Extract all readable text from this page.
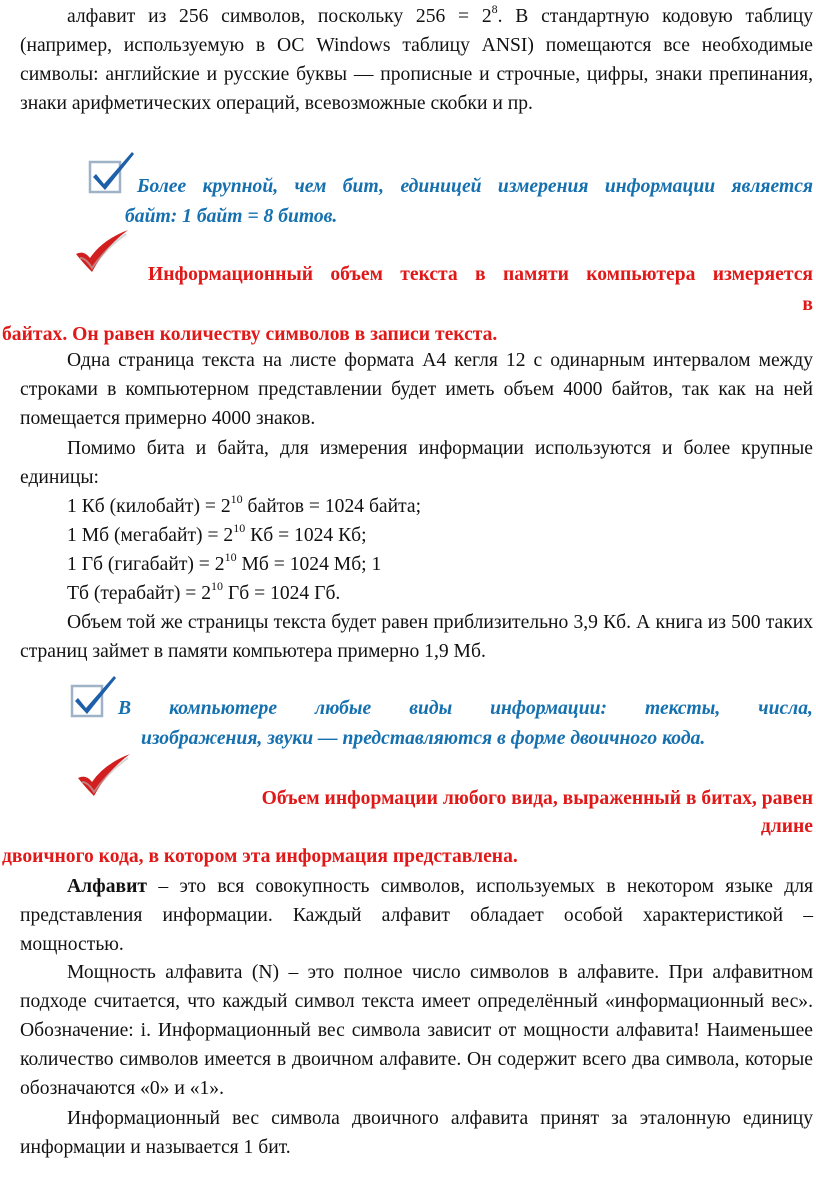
алфавит из 256 символов, поскольку $256 = 2^8$. В стандартную кодовую таблицу

(например, используемую в ОС Windows таблицу ANSI) помещаются все необходимые символы: английские и русские буквы — прописные и строчные, цифры, знаки препинания, знаки арифметических операций, всевозможные скобки и пр.

Более крупной, чем бит, единицей измерения информации является
байт: 1 байт = 8 битов.
Информационный объем текста в памяти компьютера измеряется
в
байтах. Он равен количеству символов в записи текста.

Одна страница текста на листе формата А4 кегля 12 с одинарным интервалом между строками в компьютерном представлении будет иметь объем 4000 байтов, так как на ней помещается примерно 4000 знаков.

Помимо бита и байта, для измерения информации используются и более крупные единицы:

1 Кб (килобайт) = $2^{10}$ байтов = 1024 байта;
1 Мб (мегабайт) = $2^{10}$ Кб = 1024 Кб;
1 Гб (гигабайт) = $2^{10}$ Мб = 1024 Мб; 1
Тб (терабайт) = $2^{10}$ Гб = 1024 Гб.

Объем той же страницы текста будет равен приблизительно 3,9 Кб. А книга из 500 таких страниц займет в памяти компьютера примерно 1,9 Мб.

В компьютере любые виды информации: тексты, числа,
изображения, звуки — представляются в форме двоичного кода.
Объем информации любого вида, выраженный в битах, равен
длине
двоичного кода, в котором эта информация представлена.

Алфавит – это вся совокупность символов, используемых в некотором языке для представления информации. Каждый алфавит обладает особой характеристикой – мощностью.

Мощность алфавита (N) – это полное число символов в алфавите. При алфавитном подходе считается, что каждый символ текста имеет определённый «информационный вес». Обозначение: i. Информационный вес символа зависит от мощности алфавита! Наименьшее количество символов имеется в двоичном алфавите. Он содержит всего два символа, которые обозначаются «0» и «1».

Информационный вес символа двоичного алфавита принят за эталонную единицу информации и называется 1 бит.
